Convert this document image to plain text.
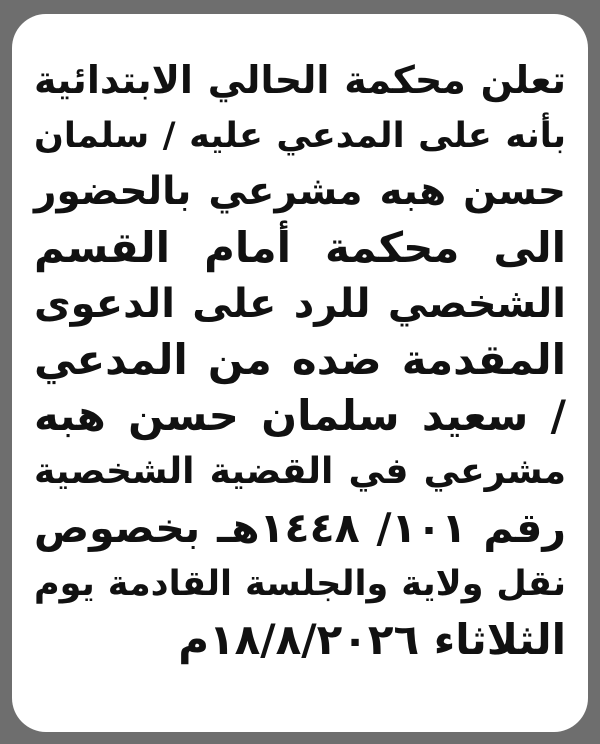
تعلن محكمة الحالي الابتدائية
بأنه على المدعي عليه / سلمان
حسن هبه مشرعي بالحضور
الى محكمة أمام القسم
الشخصي للرد على الدعوى
المقدمة ضده من المدعي
/ سعيد سلمان حسن هبه
مشرعي في القضية الشخصية
رقم ١٠١/ ١٤٤٨هـ بخصوص
نقل ولاية والجلسة القادمة يوم
الثلاثاء ١٨/٨/٢٠٢٦م
